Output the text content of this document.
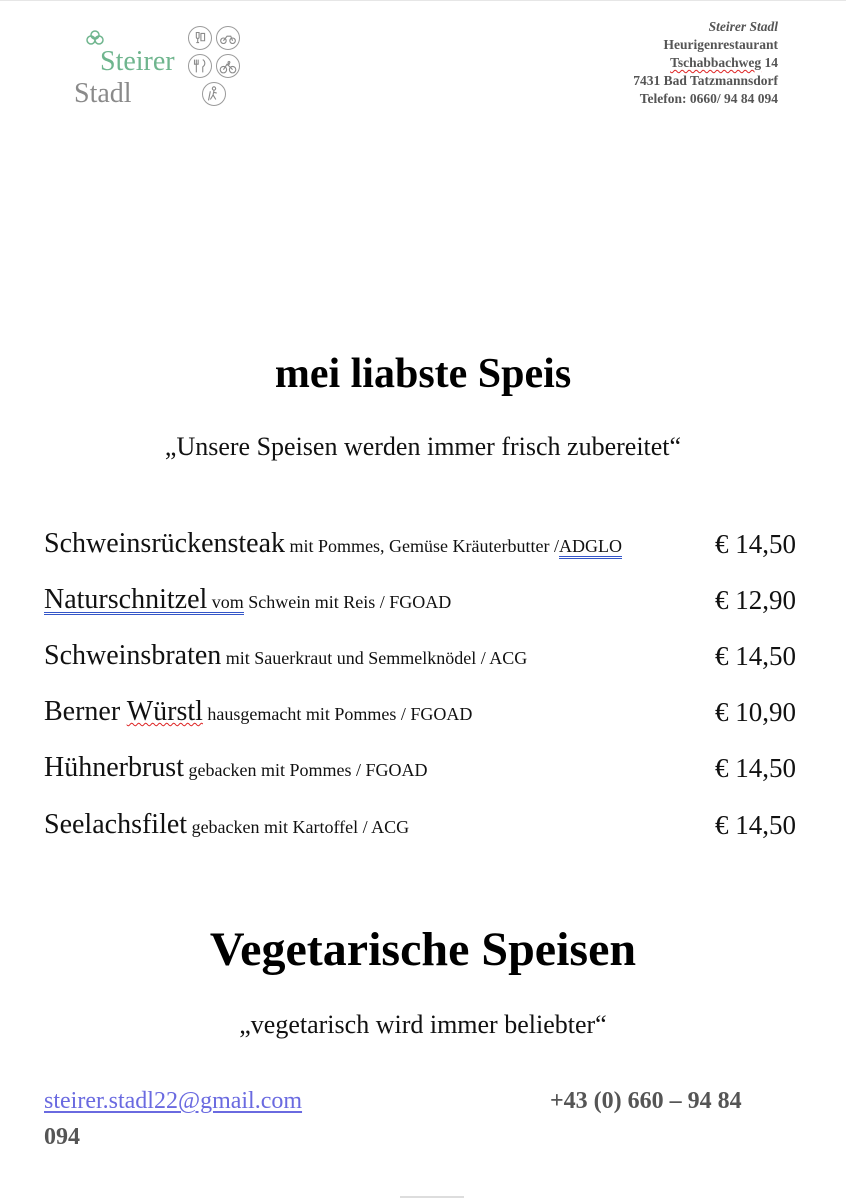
Steirer
Stadl
Steirer Stadl
Heurigenrestaurant
Tschabbachweg 14
7431 Bad Tatzmannsdorf
Telefon: 0660/ 94 84 094
mei liabste Speis
„Unsere Speisen werden immer frisch zubereitet“
Schweinsrückensteak mit Pommes, Gemüse Kräuterbutter /ADGLO	€ 14,50
Naturschnitzel vom Schwein mit Reis / FGOAD	€ 12,90
Schweinsbraten mit Sauerkraut und Semmelknödel / ACG	€ 14,50
Berner Würstl hausgemacht mit Pommes / FGOAD	€ 10,90
Hühnerbrust gebacken mit Pommes / FGOAD	€ 14,50
Seelachsfilet gebacken mit Kartoffel / ACG	€ 14,50
Vegetarische Speisen
„vegetarisch wird immer beliebter“
steirer.stadl22@gmail.com	+43 (0) 660 – 94 84
094
